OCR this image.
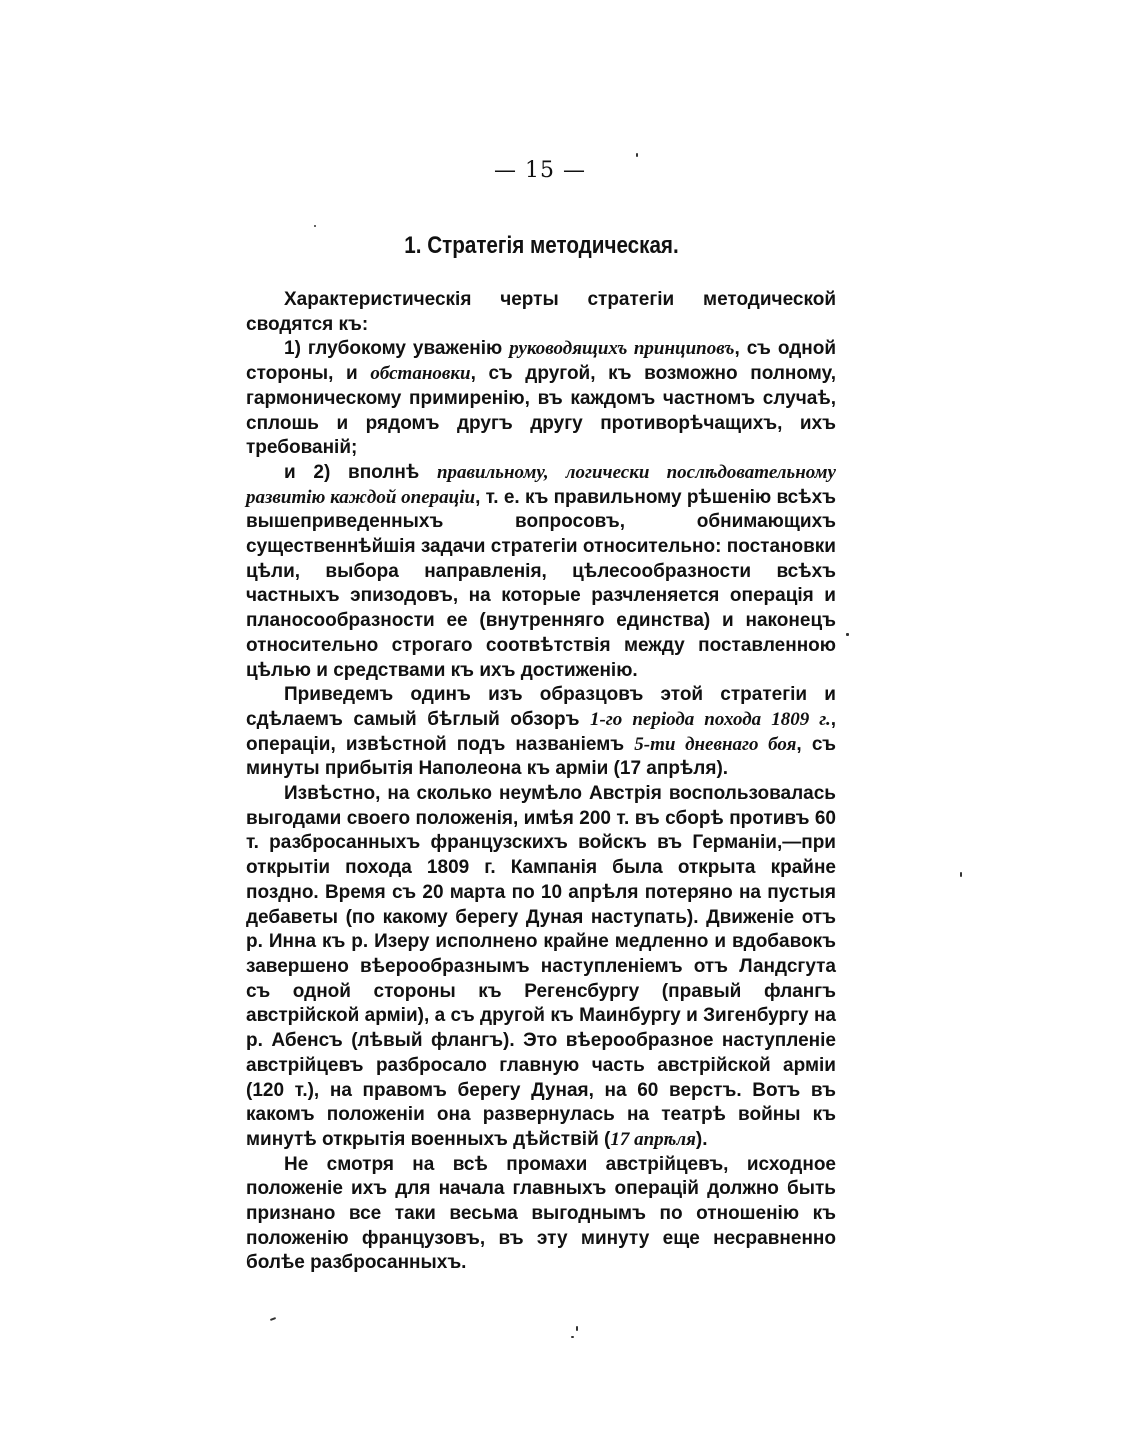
— 15 —
1. Стратегія методическая.

Характеристическія черты стратегіи методической сводятся къ:

1) глубокому уваженію руководящихъ принциповъ, съ одной стороны, и обстановки, съ другой, къ возможно полному, гармоническому примиренію, въ каждомъ частномъ случаѣ, сплошь и рядомъ другъ другу противорѣчащихъ, ихъ требованій;

и 2) вполнѣ правильному, логически послѣдовательному развитію каждой операціи, т. е. къ правильному рѣшенію всѣхъ вышеприведенныхъ вопросовъ, обнимающихъ существеннѣйшія задачи стратегіи относительно: постановки цѣли, выбора направленія, цѣлесообразности всѣхъ частныхъ эпизодовъ, на которые разчленяется операція и планосообразности ее (внутренняго единства) и наконецъ относительно строгаго соотвѣтствія между поставленною цѣлью и средствами къ ихъ достиженію.

Приведемъ одинъ изъ образцовъ этой стратегіи и сдѣлаемъ самый бѣглый обзоръ 1-го періода похода 1809 г., операціи, извѣстной подъ названіемъ 5-ти дневнаго боя, съ минуты прибытія Наполеона къ арміи (17 апрѣля).

Извѣстно, на сколько неумѣло Австрія воспользовалась выгодами своего положенія, имѣя 200 т. въ сборѣ противъ 60 т. разбросанныхъ французскихъ войскъ въ Германіи,—при открытіи похода 1809 г. Кампанія была открыта крайне поздно. Время съ 20 марта по 10 апрѣля потеряно на пустыя дебаветы (по какому берегу Дуная наступать). Движеніе отъ р. Инна къ р. Изеру исполнено крайне медленно и вдобавокъ завершено вѣерообразнымъ наступленіемъ отъ Ландсгута съ одной стороны къ Регенсбургу (правый флангъ австрійской арміи), а съ другой къ Маинбургу и Зигенбургу на р. Абенсъ (лѣвый флангъ). Это вѣерообразное наступленіе австрійцевъ разбросало главную часть австрійской арміи (120 т.), на правомъ берегу Дуная, на 60 верстъ. Вотъ въ какомъ положеніи она развернулась на театрѣ войны къ минутѣ открытія военныхъ дѣйствій (17 апрѣля).

Не смотря на всѣ промахи австрійцевъ, исходное положеніе ихъ для начала главныхъ операцій должно быть признано все таки весьма выгоднымъ по отношенію къ положенію французовъ, въ эту минуту еще несравненно болѣе разбросанныхъ.
